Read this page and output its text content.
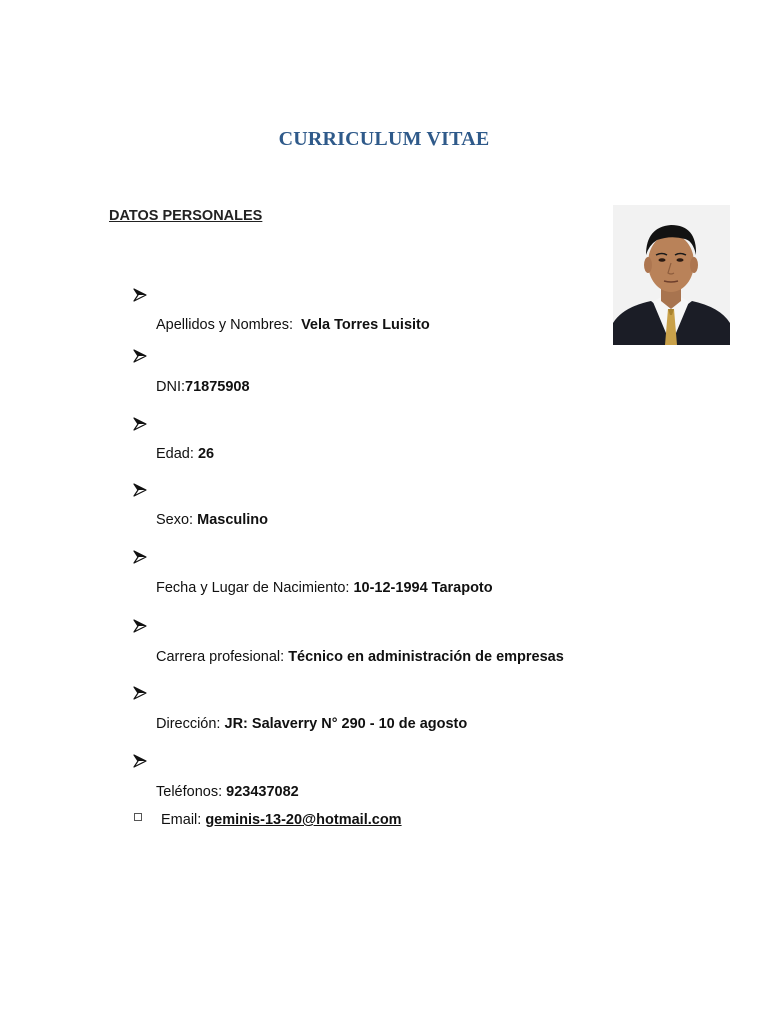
CURRICULUM VITAE
DATOS PERSONALES
Apellidos y Nombres: Vela Torres Luisito
DNI:71875908
Edad: 26
Sexo: Masculino
Fecha y Lugar de Nacimiento: 10-12-1994 Tarapoto
Carrera profesional: Técnico en administración de empresas
Dirección: JR: Salaverry N° 290 - 10 de agosto
Teléfonos: 923437082
Email: geminis-13-20@hotmail.com
